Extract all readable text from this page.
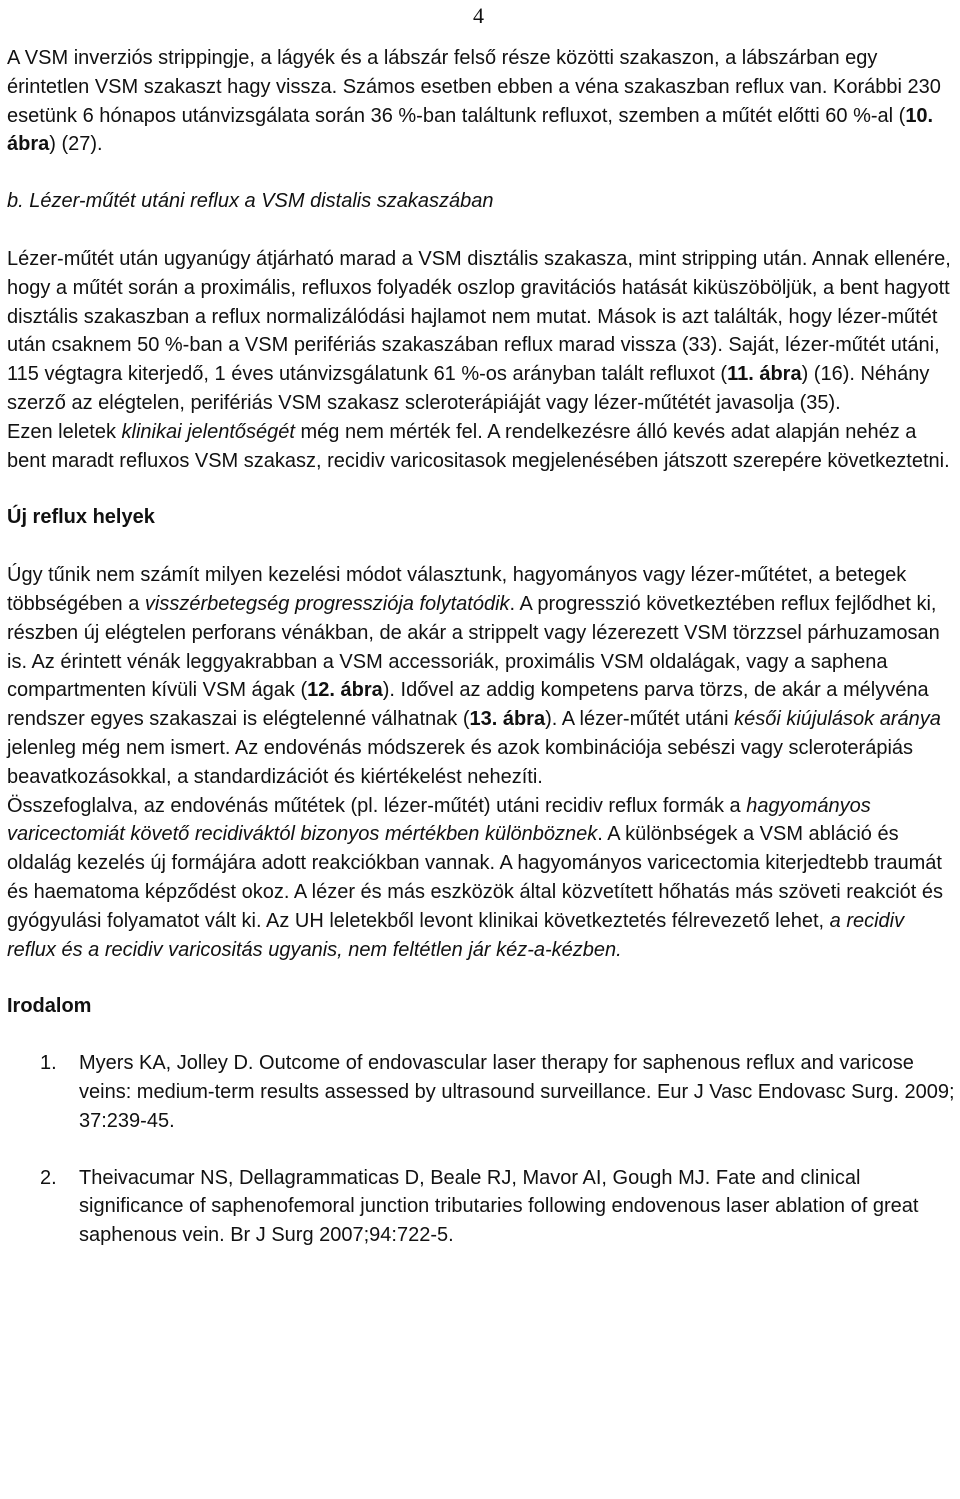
4

A VSM inverziós strippingje, a lágyék és a lábszár felső része közötti szakaszon, a lábszárban egy érintetlen VSM szakaszt hagy vissza. Számos esetben ebben a véna szakaszban reflux van. Korábbi 230 esetünk 6 hónapos utánvizsgálata során 36 %-ban találtunk refluxot, szemben a műtét előtti 60 %-al (10. ábra) (27).

b. Lézer-műtét utáni reflux a VSM distalis szakaszában

Lézer-műtét után ugyanúgy átjárható marad a VSM disztális szakasza, mint stripping után. Annak ellenére, hogy a műtét során a proximális, refluxos folyadék oszlop gravitációs hatását kiküszöböljük, a bent hagyott disztális szakaszban a reflux normalizálódási hajlamot nem mutat. Mások is azt találták, hogy lézer-műtét után csaknem 50 %-ban a VSM perifériás szakaszában reflux marad vissza (33). Saját, lézer-műtét utáni, 115 végtagra kiterjedő, 1 éves utánvizsgálatunk 61 %-os arányban talált refluxot (11. ábra) (16). Néhány szerző az elégtelen, perifériás VSM szakasz scleroterápiáját vagy lézer-műtétét javasolja (35).

Ezen leletek klinikai jelentőségét még nem mérték fel. A rendelkezésre álló kevés adat alapján nehéz a bent maradt refluxos VSM szakasz, recidiv varicositasok megjelenésében játszott szerepére következtetni.

Új reflux helyek

Úgy tűnik nem számít milyen kezelési módot választunk, hagyományos vagy lézer-műtétet, a betegek többségében a visszérbetegség progressziója folytatódik. A progresszió következtében reflux fejlődhet ki, részben új elégtelen perforans vénákban, de akár a strippelt vagy lézerezett VSM törzzsel párhuzamosan is. Az érintett vénák leggyakrabban a VSM accessoriák, proximális VSM oldalágak, vagy a saphena compartmenten kívüli VSM ágak (12. ábra). Idővel az addig kompetens parva törzs, de akár a mélyvéna rendszer egyes szakaszai is elégtelenné válhatnak (13. ábra). A lézer-műtét utáni késői kiújulások aránya jelenleg még nem ismert. Az endovénás módszerek és azok kombinációja sebészi vagy scleroterápiás beavatkozásokkal, a standardizációt és kiértékelést nehezíti.

Összefoglalva, az endovénás műtétek (pl. lézer-műtét) utáni recidiv reflux formák a hagyományos varicectomiát követő recidiváktól bizonyos mértékben különböznek. A különbségek a VSM abláció és oldalág kezelés új formájára adott reakciókban vannak. A hagyományos varicectomia kiterjedtebb traumát és haematoma képződést okoz. A lézer és más eszközök által közvetített hőhatás más szöveti reakciót és gyógyulási folyamatot vált ki. Az UH leletekből levont klinikai következtetés félrevezető lehet, a recidiv reflux és a recidiv varicositás ugyanis, nem feltétlen jár kéz-a-kézben.

Irodalom

1. Myers KA, Jolley D. Outcome of endovascular laser therapy for saphenous reflux and varicose veins: medium-term results assessed by ultrasound surveillance. Eur J Vasc Endovasc Surg. 2009; 37:239-45.
2. Theivacumar NS, Dellagrammaticas D, Beale RJ, Mavor AI, Gough MJ. Fate and clinical significance of saphenofemoral junction tributaries following endovenous laser ablation of great saphenous vein. Br J Surg 2007;94:722-5.
